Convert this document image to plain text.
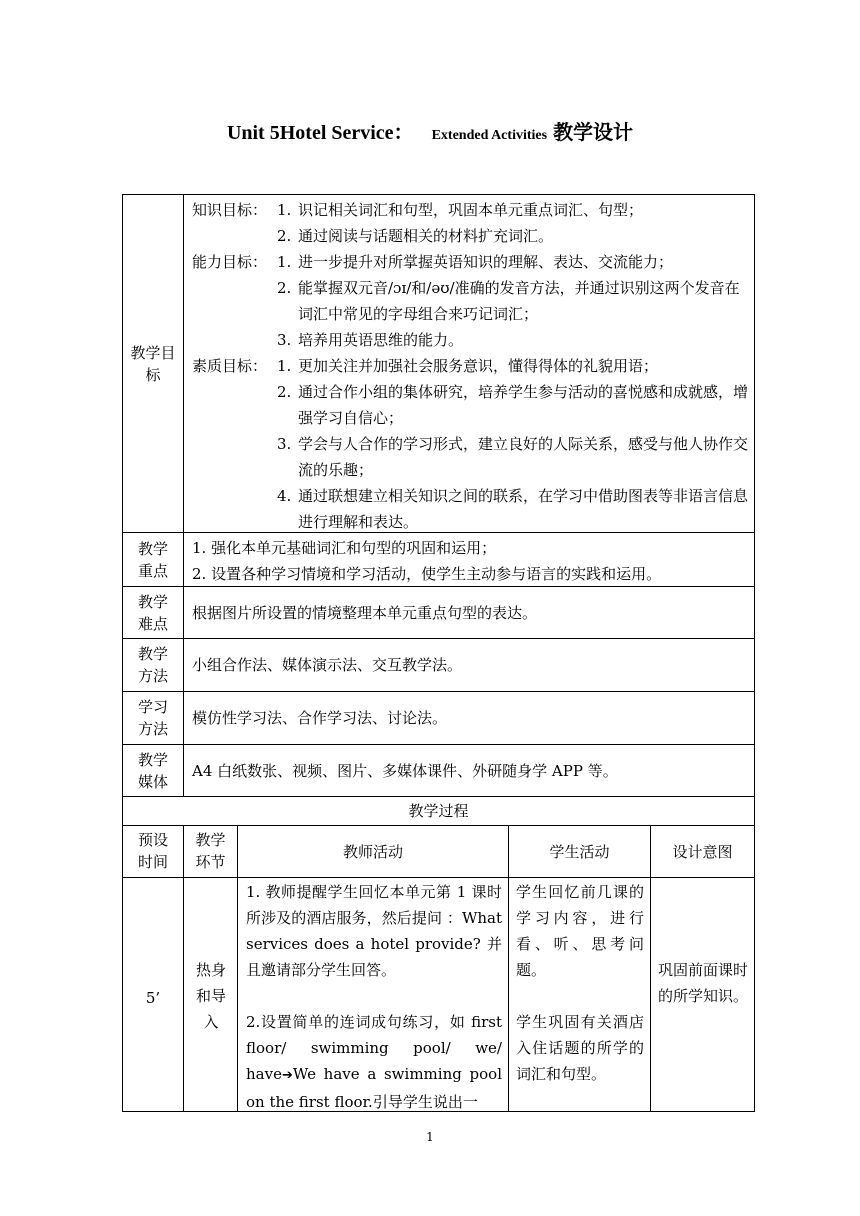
Unit 5Hotel Service： Extended Activities 教学设计
教学目标
教学重点
教学难点
教学方法
学习方法
教学媒体
知识目标： 1. 识记相关词汇和句型，巩固本单元重点词汇、句型；
2. 通过阅读与话题相关的材料扩充词汇。
能力目标： 1. 进一步提升对所掌握英语知识的理解、表达、交流能力；
2. 能掌握双元音/ɔɪ/和/əʊ/准确的发音方法，并通过识别这两个发音在词汇中常见的字母组合来巧记词汇；
3. 培养用英语思维的能力。
素质目标： 1. 更加关注并加强社会服务意识，懂得得体的礼貌用语；
2. 通过合作小组的集体研究，培养学生参与活动的喜悦感和成就感，增强学习自信心；
3. 学会与人合作的学习形式，建立良好的人际关系，感受与他人协作交流的乐趣；
4. 通过联想建立相关知识之间的联系，在学习中借助图表等非语言信息进行理解和表达。
1. 强化本单元基础词汇和句型的巩固和运用；
2. 设置各种学习情境和学习活动，使学生主动参与语言的实践和运用。
根据图片所设置的情境整理本单元重点句型的表达。
小组合作法、媒体演示法、交互教学法。
模仿性学习法、合作学习法、讨论法。
A4 白纸数张、视频、图片、多媒体课件、外研随身学 APP 等。
教学过程
预设时间
教学环节
教师活动	学生活动	设计意图
5’
热身和导入
1. 教师提醒学生回忆本单元第 1 课时所涉及的酒店服务，然后提问 ：What services does a hotel provide? 并且邀请部分学生回答。
2.设置简单的连词成句练习，如 first floor/ swimming pool/ we/ have➔We have a swimming pool on the first floor.引导学生说出一
学生回忆前几课的学习内容，进行看、听、思考问题。
学生巩固有关酒店入住话题的所学的词汇和句型。
巩固前面课时的所学知识。
1
